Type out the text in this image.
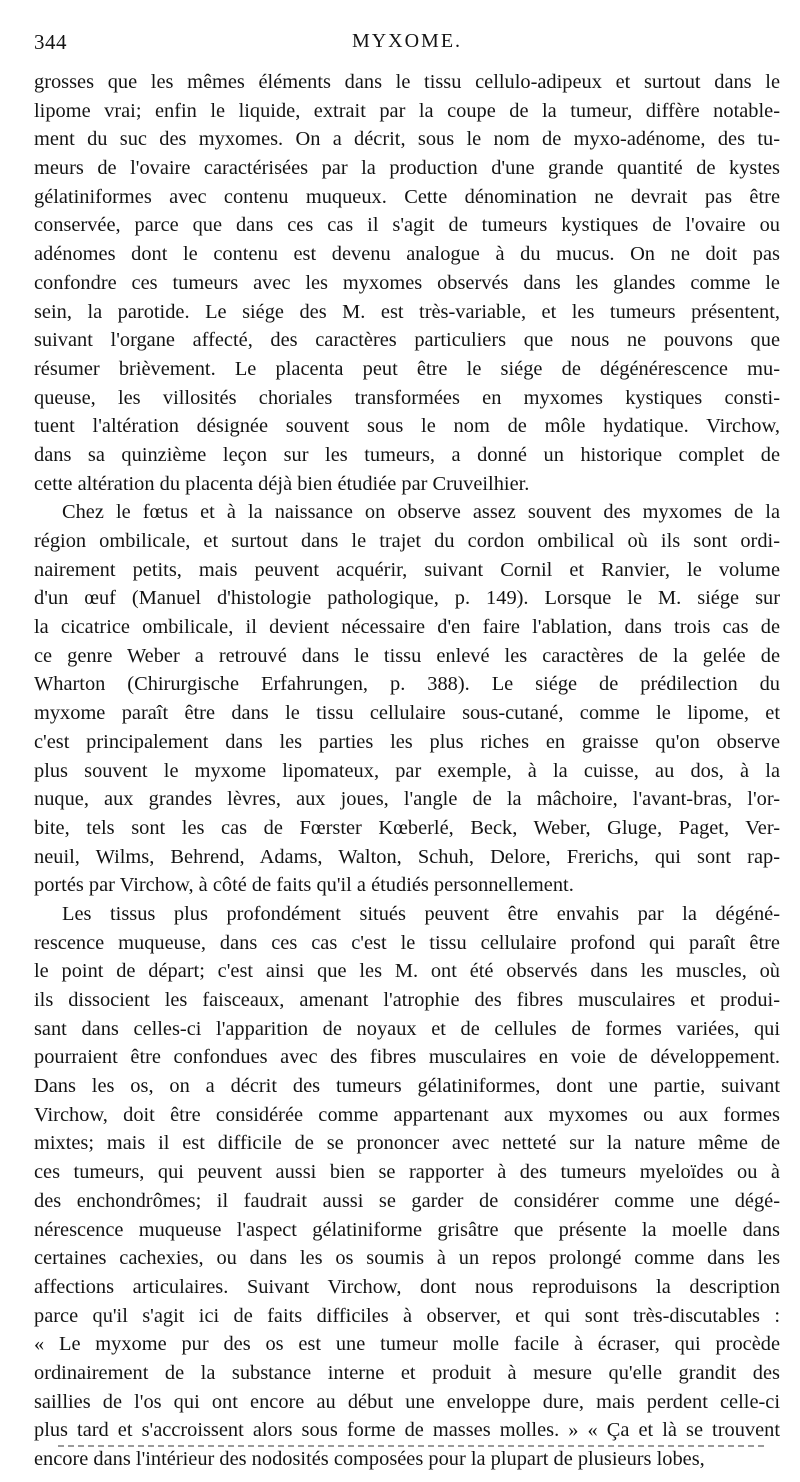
344	MYXOME.
grosses que les mêmes éléments dans le tissu cellulo-adipeux et surtout dans le
lipome vrai; enfin le liquide, extrait par la coupe de la tumeur, diffère notable-
ment du suc des myxomes. On a décrit, sous le nom de myxo-adénome, des tu-
meurs de l'ovaire caractérisées par la production d'une grande quantité de kystes
gélatiniformes avec contenu muqueux. Cette dénomination ne devrait pas être
conservée, parce que dans ces cas il s'agit de tumeurs kystiques de l'ovaire ou
adénomes dont le contenu est devenu analogue à du mucus. On ne doit pas
confondre ces tumeurs avec les myxomes observés dans les glandes comme le
sein, la parotide. Le siége des M. est très-variable, et les tumeurs présentent,
suivant l'organe affecté, des caractères particuliers que nous ne pouvons que
résumer brièvement. Le placenta peut être le siége de dégénérescence mu-
queuse, les villosités choriales transformées en myxomes kystiques consti-
tuent l'altération désignée souvent sous le nom de môle hydatique. Virchow,
dans sa quinzième leçon sur les tumeurs, a donné un historique complet de
cette altération du placenta déjà bien étudiée par Cruveilhier.
Chez le fœtus et à la naissance on observe assez souvent des myxomes de la
région ombilicale, et surtout dans le trajet du cordon ombilical où ils sont ordi-
nairement petits, mais peuvent acquérir, suivant Cornil et Ranvier, le volume
d'un œuf (Manuel d'histologie pathologique, p. 149). Lorsque le M. siége sur
la cicatrice ombilicale, il devient nécessaire d'en faire l'ablation, dans trois cas de
ce genre Weber a retrouvé dans le tissu enlevé les caractères de la gelée de
Wharton (Chirurgische Erfahrungen, p. 388). Le siége de prédilection du
myxome paraît être dans le tissu cellulaire sous-cutané, comme le lipome, et
c'est principalement dans les parties les plus riches en graisse qu'on observe
plus souvent le myxome lipomateux, par exemple, à la cuisse, au dos, à la
nuque, aux grandes lèvres, aux joues, l'angle de la mâchoire, l'avant-bras, l'or-
bite, tels sont les cas de Fœrster Kœberlé, Beck, Weber, Gluge, Paget, Ver-
neuil, Wilms, Behrend, Adams, Walton, Schuh, Delore, Frerichs, qui sont rap-
portés par Virchow, à côté de faits qu'il a étudiés personnellement.
Les tissus plus profondément situés peuvent être envahis par la dégéné-
rescence muqueuse, dans ces cas c'est le tissu cellulaire profond qui paraît être
le point de départ; c'est ainsi que les M. ont été observés dans les muscles, où
ils dissocient les faisceaux, amenant l'atrophie des fibres musculaires et produi-
sant dans celles-ci l'apparition de noyaux et de cellules de formes variées, qui
pourraient être confondues avec des fibres musculaires en voie de développement.
Dans les os, on a décrit des tumeurs gélatiniformes, dont une partie, suivant
Virchow, doit être considérée comme appartenant aux myxomes ou aux formes
mixtes; mais il est difficile de se prononcer avec netteté sur la nature même de
ces tumeurs, qui peuvent aussi bien se rapporter à des tumeurs myeloïdes ou à
des enchondrômes; il faudrait aussi se garder de considérer comme une dégé-
nérescence muqueuse l'aspect gélatiniforme grisâtre que présente la moelle dans
certaines cachexies, ou dans les os soumis à un repos prolongé comme dans les
affections articulaires. Suivant Virchow, dont nous reproduisons la description
parce qu'il s'agit ici de faits difficiles à observer, et qui sont très-discutables :
« Le myxome pur des os est une tumeur molle facile à écraser, qui procède
ordinairement de la substance interne et produit à mesure qu'elle grandit des
saillies de l'os qui ont encore au début une enveloppe dure, mais perdent celle-ci
plus tard et s'accroissent alors sous forme de masses molles. » « Ça et là se trouvent
encore dans l'intérieur des nodosités composées pour la plupart de plusieurs lobes,
